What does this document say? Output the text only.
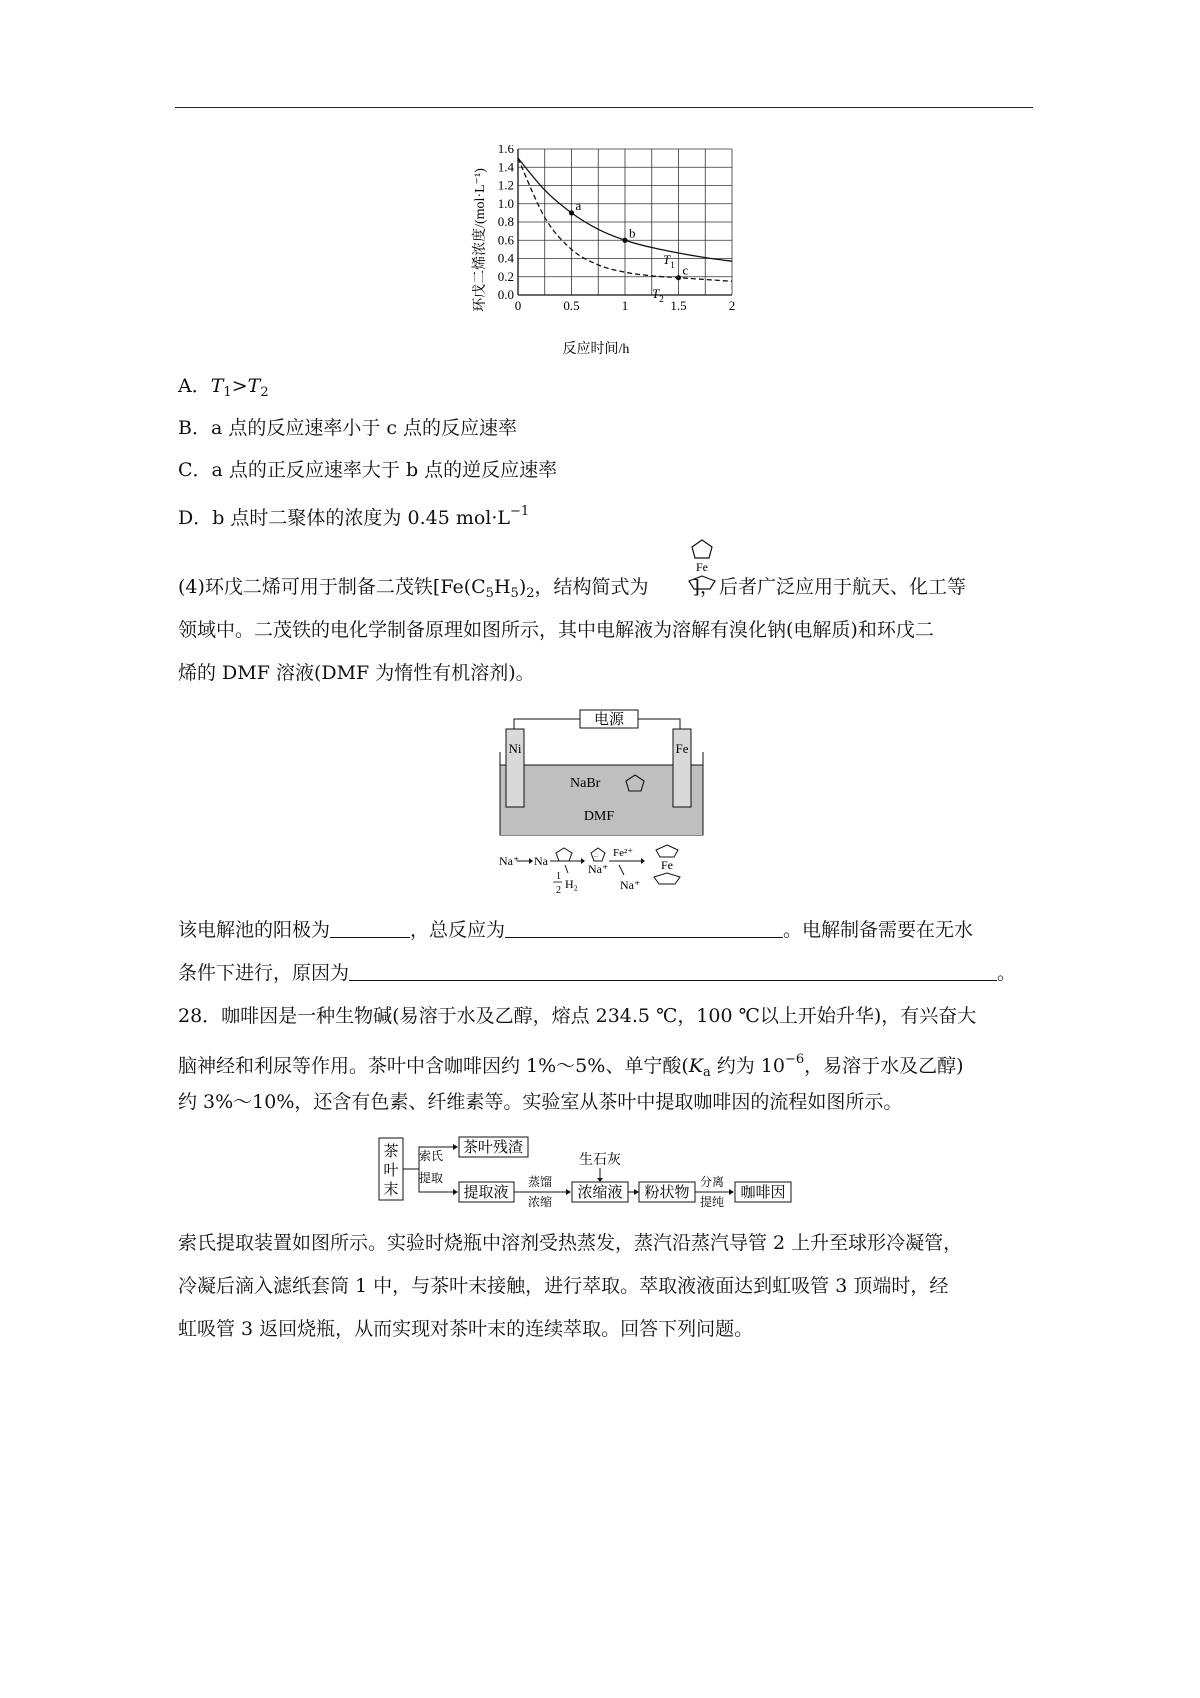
0.0
0.2
0.4
0.6
0.8
1.0
1.2
1.4
1.6
0	0.5	1	1.5	2
a
b
c
环戊二烯浓度/(mol·L⁻¹)
反应时间/h
$T_1$
$T_2$
A．$T_1>T_2$
B．a 点的反应速率小于 c 点的反应速率
C．a 点的正反应速率大于 b 点的逆反应速率
D．b 点时二聚体的浓度为 0.45 $mol\cdot L^{-1}$
(4)环戊二烯可用于制备二茂铁[$Fe(C_5H_5)_2$，结构简式为 ]，后者广泛应用于航天、化工等
Fe
领域中。二茂铁的电化学制备原理如图所示，其中电解液为溶解有溴化钠(电解质)和环戊二
烯的 DMF 溶液(DMF 为惰性有机溶剂)。
电源
Ni	Fe
NaBr
DMF
Na⁺ Na
1
2 H₂
−
Na⁺
Fe²⁺
Na⁺
Fe
该电解池的阳极为	，总反应为	。电解制备需要在无水
条件下进行，原因为	。
28．咖啡因是一种生物碱(易溶于水及乙醇，熔点 234.5 ℃，100 ℃以上开始升华)，有兴奋大
脑神经和利尿等作用。茶叶中含咖啡因约 1%～5%、单宁酸($K_a$ 约为 $10^{-6}$，易溶于水及乙醇)
约 3%～10%，还含有色素、纤维素等。实验室从茶叶中提取咖啡因的流程如图所示。
茶
叶
末
索氏
提取
茶叶残渣
提取液
蒸馏
浓缩
生石灰
浓缩液 粉状物
分离
提纯
咖啡因
索氏提取装置如图所示。实验时烧瓶中溶剂受热蒸发，蒸汽沿蒸汽导管 2 上升至球形冷凝管，
冷凝后滴入滤纸套筒 1 中，与茶叶末接触，进行萃取。萃取液液面达到虹吸管 3 顶端时，经
虹吸管 3 返回烧瓶，从而实现对茶叶末的连续萃取。回答下列问题。
